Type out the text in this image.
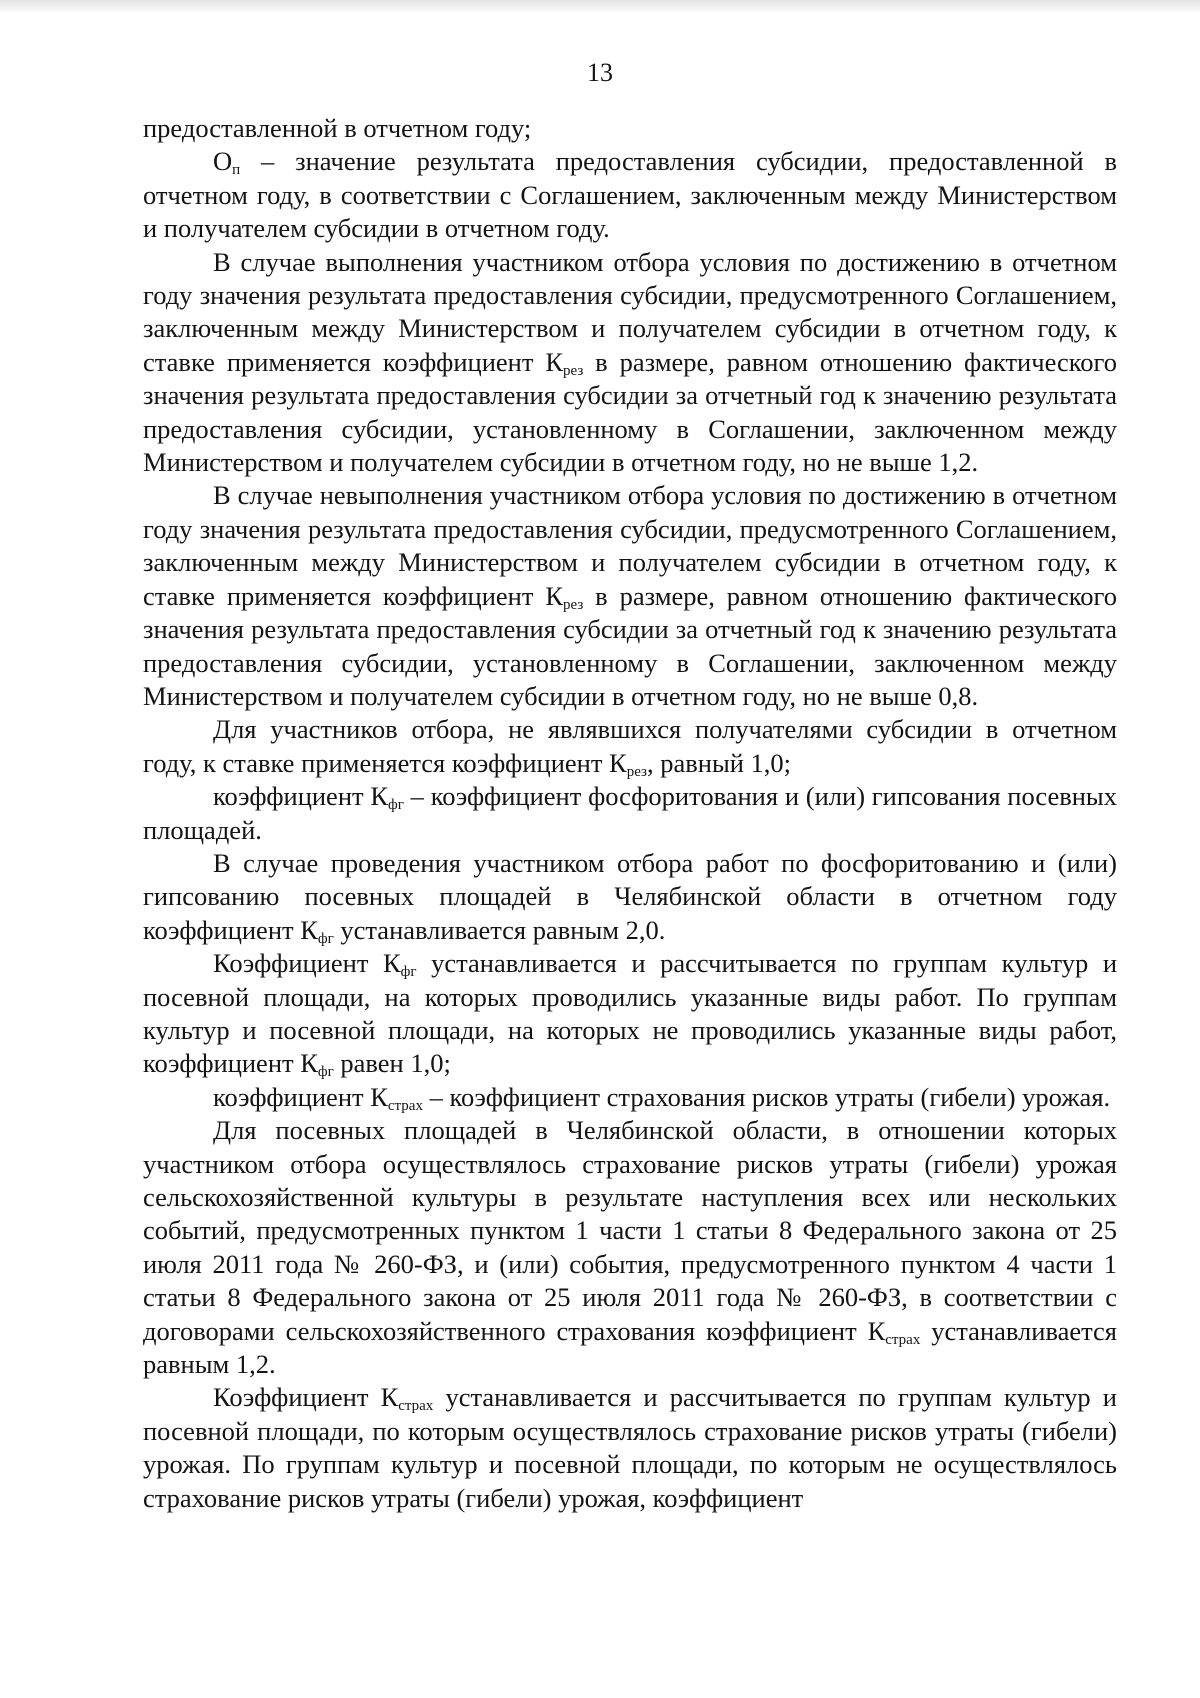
13

предоставленной в отчетном году;

$О_п$ – значение результата предоставления субсидии, предоставленной в отчетном году, в соответствии с Соглашением, заключенным между Министерством и получателем субсидии в отчетном году.

В случае выполнения участником отбора условия по достижению в отчетном году значения результата предоставления субсидии, предусмотренного Соглашением, заключенным между Министерством и получателем субсидии в отчетном году, к ставке применяется коэффициент $К_{рез}$ в размере, равном отношению фактического значения результата предоставления субсидии за отчетный год к значению результата предоставления субсидии, установленному в Соглашении, заключенном между Министерством и получателем субсидии в отчетном году, но не выше 1,2.

В случае невыполнения участником отбора условия по достижению в отчетном году значения результата предоставления субсидии, предусмотренного Соглашением, заключенным между Министерством и получателем субсидии в отчетном году, к ставке применяется коэффициент $К_{рез}$ в размере, равном отношению фактического значения результата предоставления субсидии за отчетный год к значению результата предоставления субсидии, установленному в Соглашении, заключенном между Министерством и получателем субсидии в отчетном году, но не выше 0,8.

Для участников отбора, не являвшихся получателями субсидии в отчетном году, к ставке применяется коэффициент $К_{рез}$, равный 1,0;

коэффициент $К_{фг}$ – коэффициент фосфоритования и (или) гипсования посевных площадей.

В случае проведения участником отбора работ по фосфоритованию и (или) гипсованию посевных площадей в Челябинской области в отчетном году коэффициент $К_{фг}$ устанавливается равным 2,0.

Коэффициент $К_{фг}$ устанавливается и рассчитывается по группам культур и посевной площади, на которых проводились указанные виды работ. По группам культур и посевной площади, на которых не проводились указанные виды работ, коэффициент $К_{фг}$ равен 1,0;

коэффициент $К_{страх}$ – коэффициент страхования рисков утраты (гибели) урожая.

Для посевных площадей в Челябинской области, в отношении которых участником отбора осуществлялось страхование рисков утраты (гибели) урожая сельскохозяйственной культуры в результате наступления всех или нескольких событий, предусмотренных пунктом 1 части 1 статьи 8 Федерального закона от 25 июля 2011 года № 260-ФЗ, и (или) события, предусмотренного пунктом 4 части 1 статьи 8 Федерального закона от 25 июля 2011 года № 260-ФЗ, в соответствии с договорами сельскохозяйственного страхования коэффициент $К_{страх}$ устанавливается равным 1,2.

Коэффициент $К_{страх}$ устанавливается и рассчитывается по группам культур и посевной площади, по которым осуществлялось страхование рисков утраты (гибели) урожая. По группам культур и посевной площади, по которым не осуществлялось страхование рисков утраты (гибели) урожая, коэффициент
